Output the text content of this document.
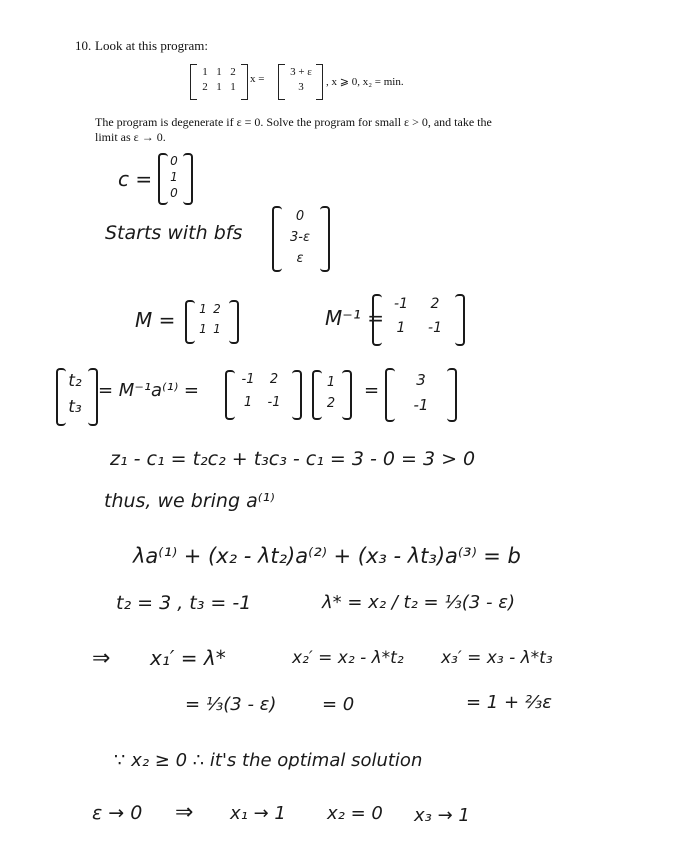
10. Look at this program:
1 1 2
2 1 1
x =
3 + ε
3	, x ⩾ 0, x₂ = min.
The program is degenerate if ε = 0. Solve the program for small ε > 0, and take the
limit as ε → 0.
c =
0
1
0
Starts with bfs
0
3-ε
ε
M = 1 2
1 1	M⁻¹ =
-1	2
1	-1
t₂
t₃
= M⁻¹a⁽¹⁾ =
-1	2
1	-1
1
2
= 3
-1
z₁ - c₁ = t₂c₂ + t₃c₃ - c₁ = 3 - 0 = 3 > 0
thus, we bring a⁽¹⁾
λa⁽¹⁾ + (x₂ - λt₂)a⁽²⁾ + (x₃ - λt₃)a⁽³⁾ = b
t₂ = 3 , t₃ = -1	λ* = x₂ / t₂ = ⅓(3 - ε)
⇒ x₁′ = λ*	x₂′ = x₂ - λ*t₂ x₃′ = x₃ - λ*t₃
= ⅓(3 - ε)	= 0	= 1 + ⅔ε
∵ x₂ ≥ 0 ∴ it's the optimal solution
ε → 0 ⇒ x₁ → 1 x₂ = 0 x₃ → 1
